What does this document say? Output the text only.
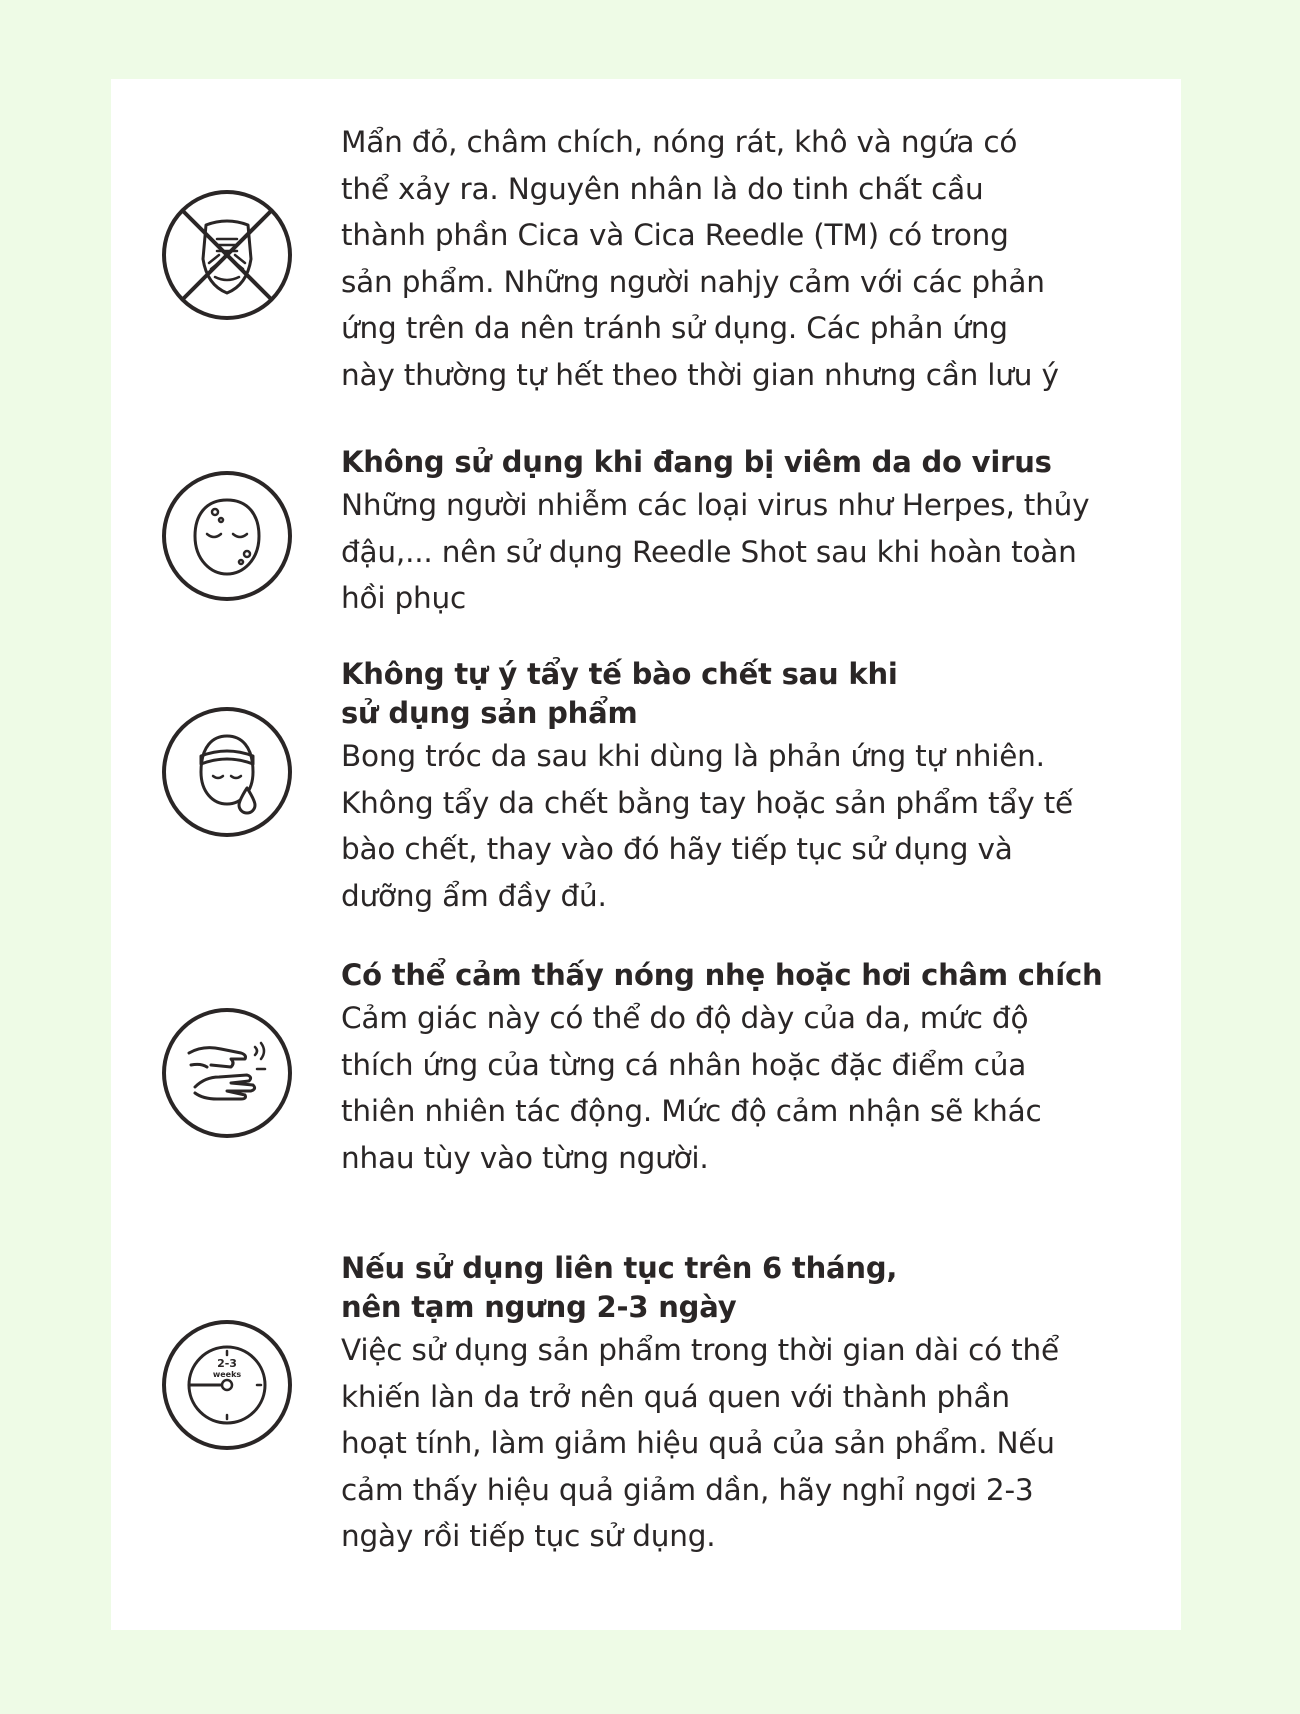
Mẩn đỏ, châm chích, nóng rát, khô và ngứa có
thể xảy ra. Nguyên nhân là do tinh chất cầu
thành phần Cica và Cica Reedle (TM) có trong
sản phẩm. Những người nahjy cảm với các phản
ứng trên da nên tránh sử dụng. Các phản ứng
này thường tự hết theo thời gian nhưng cần lưu ý

Không sử dụng khi đang bị viêm da do virus

Những người nhiễm các loại virus như Herpes, thủy
đậu,... nên sử dụng Reedle Shot sau khi hoàn toàn
hồi phục

Không tự ý tẩy tế bào chết sau khi
sử dụng sản phẩm

Bong tróc da sau khi dùng là phản ứng tự nhiên.
Không tẩy da chết bằng tay hoặc sản phẩm tẩy tế
bào chết, thay vào đó hãy tiếp tục sử dụng và
dưỡng ẩm đầy đủ.

Có thể cảm thấy nóng nhẹ hoặc hơi châm chích

Cảm giác này có thể do độ dày của da, mức độ
thích ứng của từng cá nhân hoặc đặc điểm của
thiên nhiên tác động. Mức độ cảm nhận sẽ khác
nhau tùy vào từng người.

2-3
weeks

Nếu sử dụng liên tục trên 6 tháng,
nên tạm ngưng 2-3 ngày

Việc sử dụng sản phẩm trong thời gian dài có thể
khiến làn da trở nên quá quen với thành phần
hoạt tính, làm giảm hiệu quả của sản phẩm. Nếu
cảm thấy hiệu quả giảm dần, hãy nghỉ ngơi 2-3
ngày rồi tiếp tục sử dụng.
